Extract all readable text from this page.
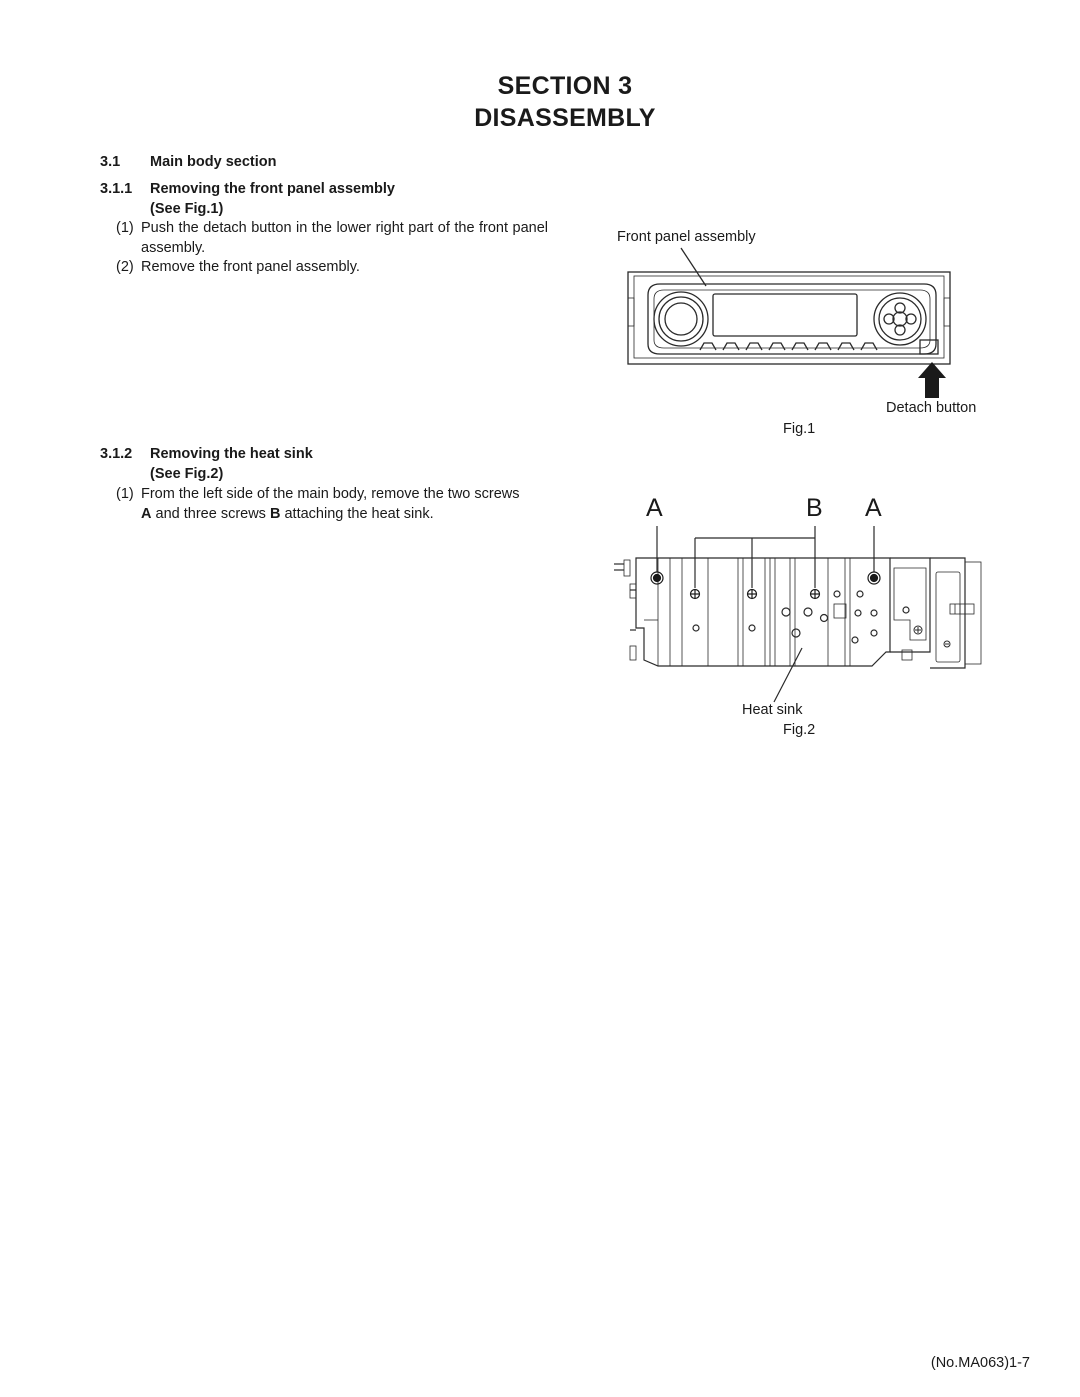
SECTION 3
DISASSEMBLY
3.1 Main body section
3.1.1 Removing the front panel assembly
(See Fig.1)
(1) Push the detach button in the lower right part of the front panel assembly.
(2) Remove the front panel assembly.
3.1.2 Removing the heat sink
(See Fig.2)
(1) From the left side of the main body, remove the two screws
A and three screws B attaching the heat sink.
Front panel assembly
Detach button
Fig.1
A	B A
Heat sink
Fig.2
(No.MA063)1-7
